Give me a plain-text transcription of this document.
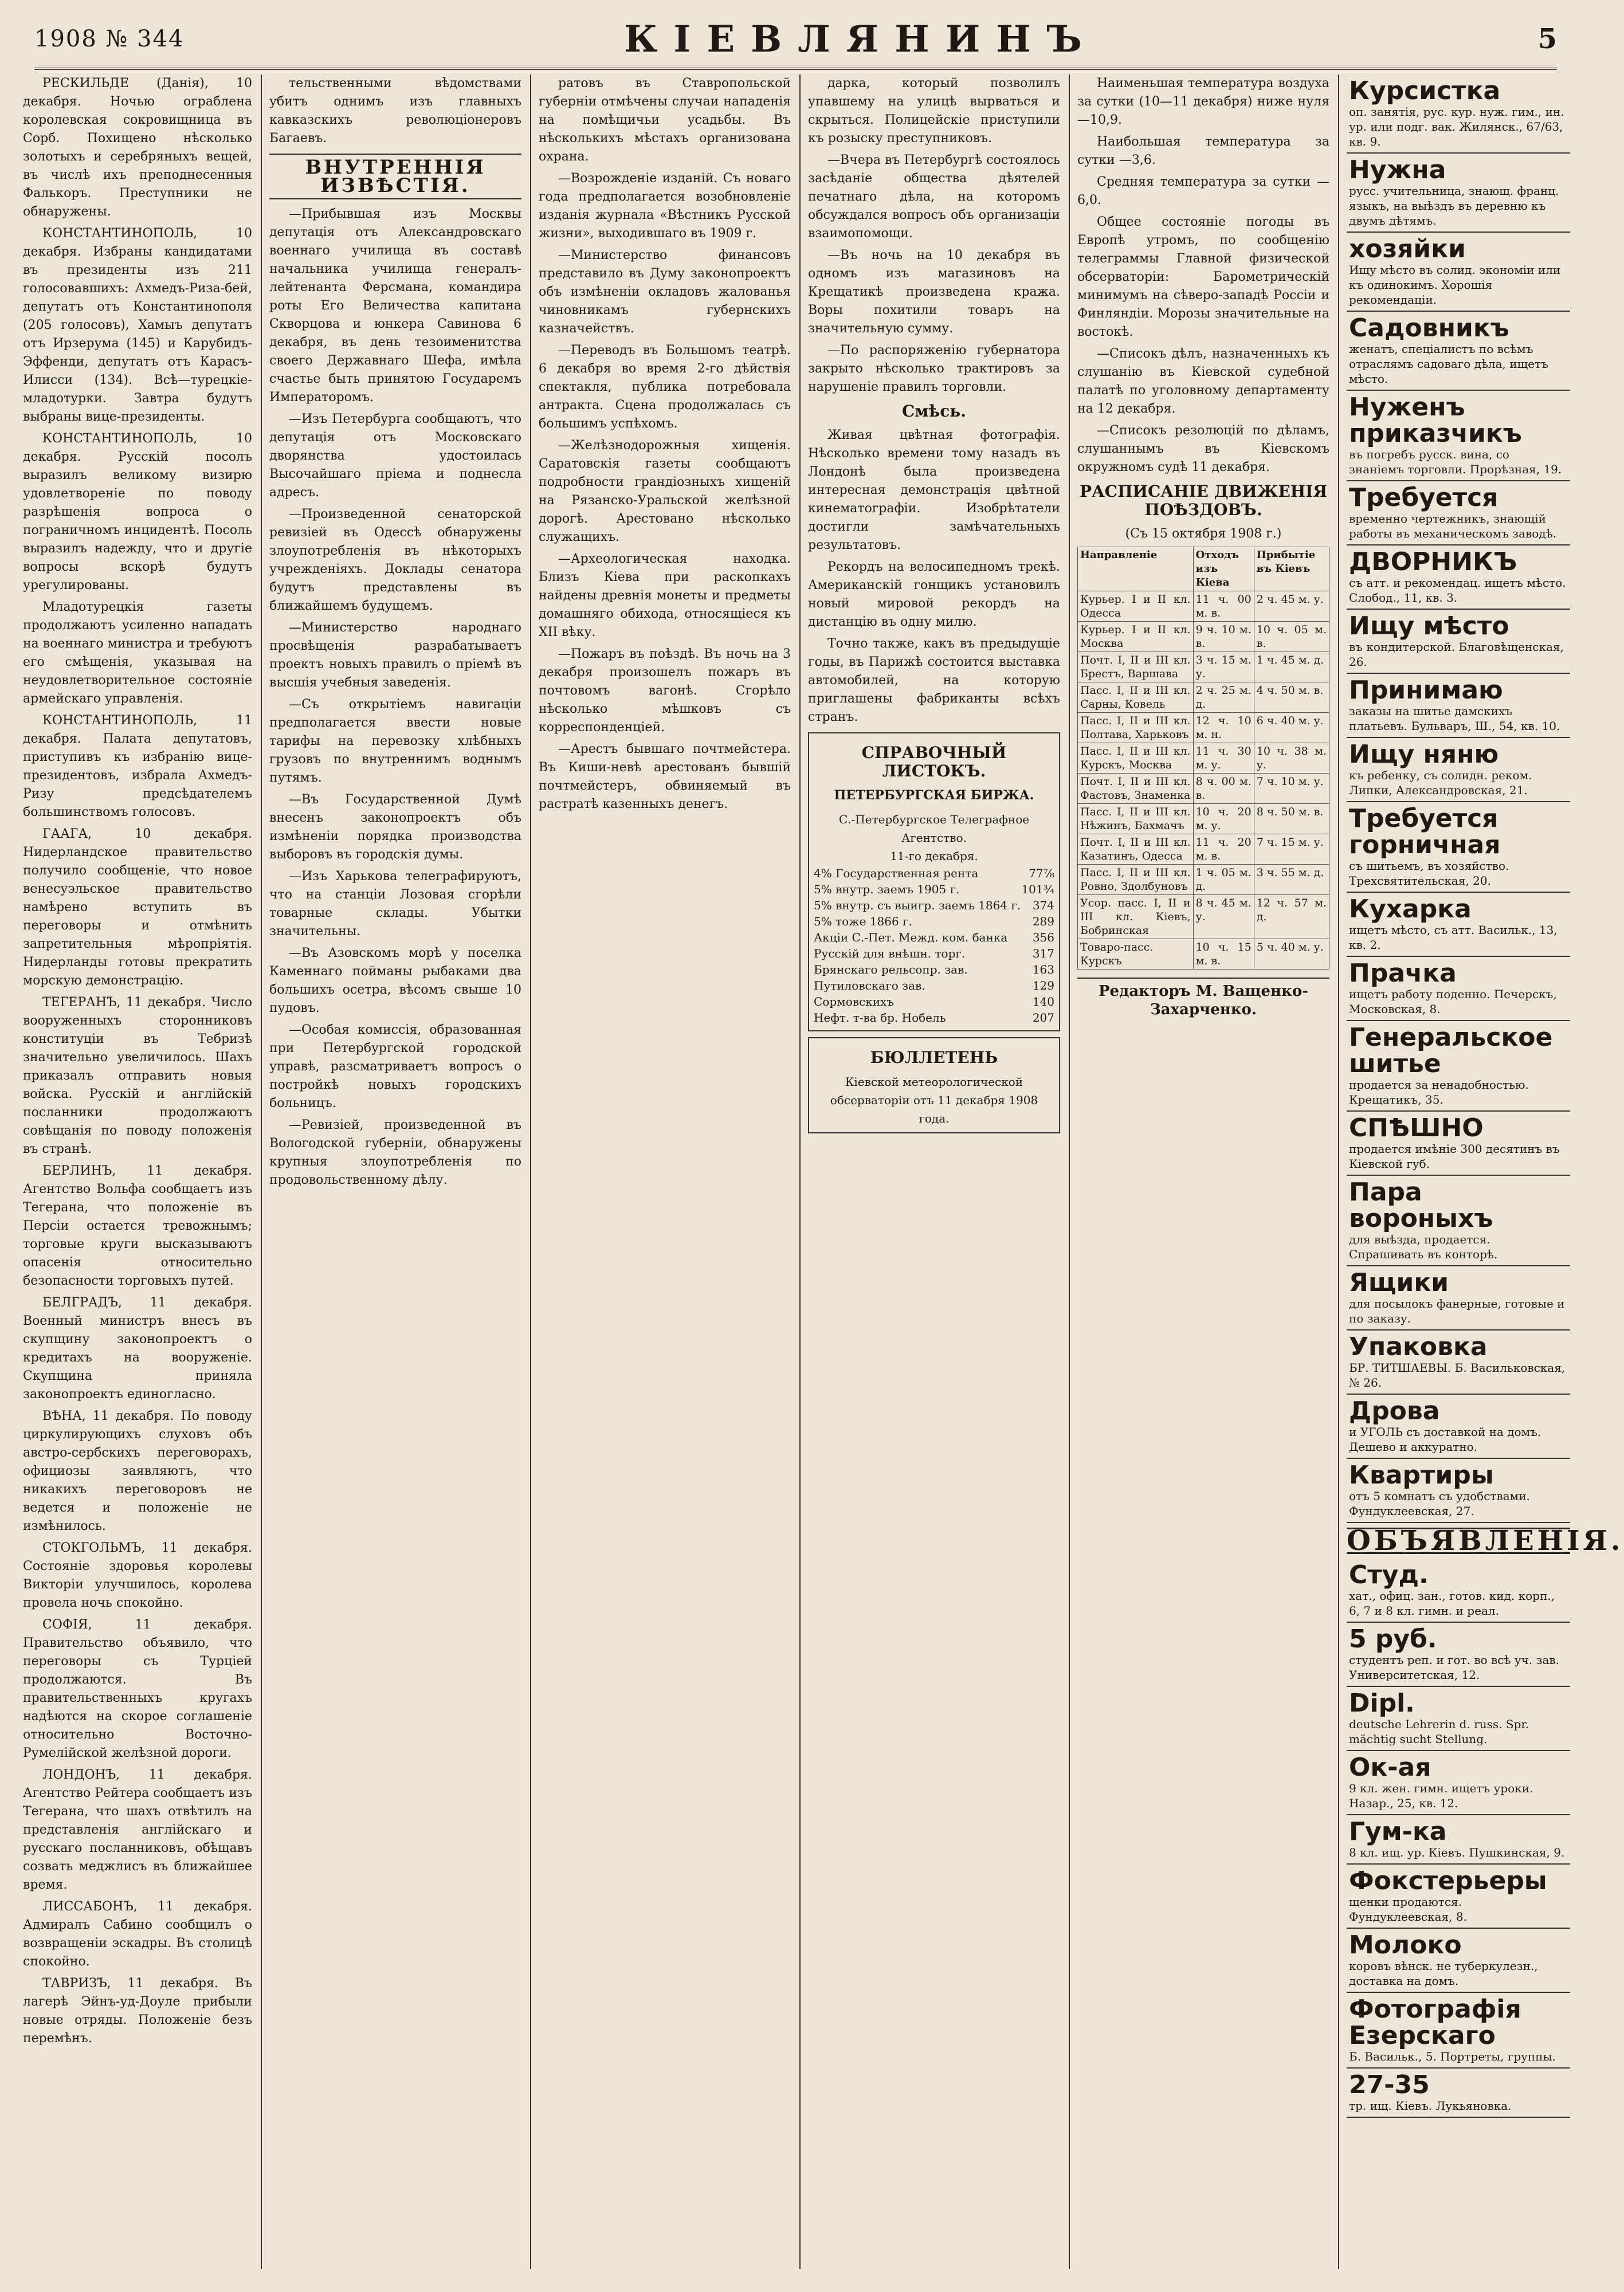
1908 № 344	КІЕВЛЯНИНЪ	5

РЕСКИЛЬДЕ (Данія), 10 декабря. Ночью ограблена королевская сокровищница въ Сорб. Похищено нѣсколько золотыхъ и серебряныхъ вещей, въ числѣ ихъ преподнесенныя Фалькоръ. Преступники не обнаружены.

КОНСТАНТИНОПОЛЬ, 10 декабря. Избраны кандидатами въ президенты изъ 211 голосовавшихъ: Ахмедъ-Риза-бей, депутатъ отъ Константинополя (205 голосовъ), Хамыъ депутатъ отъ Ирзерума (145) и Карубидъ-Эффенди, депутатъ отъ Карасъ-Илисси (134). Всѣ—турецкіе-младотурки. Завтра будутъ выбраны вице-президенты.

КОНСТАНТИНОПОЛЬ, 10 декабря. Русскій посолъ выразилъ великому визирю удовлетвореніе по поводу разрѣшенія вопроса о пограничномъ инцидентѣ. Посоль выразилъ надежду, что и другіе вопросы вскорѣ будутъ урегулированы.

Младотурецкія газеты продолжаютъ усиленно нападать на военнаго министра и требуютъ его смѣщенія, указывая на неудовлетворительное состояніе армейскаго управленія.

КОНСТАНТИНОПОЛЬ, 11 декабря. Палата депутатовъ, приступивъ къ избранію вице-президентовъ, избрала Ахмедъ-Ризу предсѣдателемъ большинствомъ голосовъ.

ГААГА, 10 декабря. Нидерландское правительство получило сообщеніе, что новое венесуэльское правительство намѣрено вступить въ переговоры и отмѣнить запретительныя мѣропріятія. Нидерланды готовы прекратить морскую демонстрацію.

ТЕГЕРАНЪ, 11 декабря. Число вооруженныхъ сторонниковъ конституціи въ Тебризѣ значительно увеличилось. Шахъ приказалъ отправить новыя войска. Русскій и англійскій посланники продолжаютъ совѣщанія по поводу положенія въ странѣ.

БЕРЛИНЪ, 11 декабря. Агентство Вольфа сообщаетъ изъ Тегерана, что положеніе въ Персіи остается тревожнымъ; торговые круги высказываютъ опасенія относительно безопасности торговыхъ путей.

БЕЛГРАДЪ, 11 декабря. Военный министръ внесъ въ скупщину законопроектъ о кредитахъ на вооруженіе. Скупщина приняла законопроектъ единогласно.

ВѢНА, 11 декабря. По поводу циркулирующихъ слуховъ объ австро-сербскихъ переговорахъ, официозы заявляютъ, что никакихъ переговоровъ не ведется и положеніе не измѣнилось.

СТОКГОЛЬМЪ, 11 декабря. Состояніе здоровья королевы Викторіи улучшилось, королева провела ночь спокойно.

СОФІЯ, 11 декабря. Правительство объявило, что переговоры съ Турціей продолжаются. Въ правительственныхъ кругахъ надѣются на скорое соглашеніе относительно Восточно-Румелійской желѣзной дороги.

ЛОНДОНЪ, 11 декабря. Агентство Рейтера сообщаетъ изъ Тегерана, что шахъ отвѣтилъ на представленія англійскаго и русскаго посланниковъ, обѣщавъ созвать меджлисъ въ ближайшее время.

ЛИССАБОНЪ, 11 декабря. Адмиралъ Сабино сообщилъ о возвращеніи эскадры. Въ столицѣ спокойно.

ТАВРИЗЪ, 11 декабря. Въ лагерѣ Эйнъ-уд-Доуле прибыли новые отряды. Положеніе безъ перемѣнъ.

тельственными вѣдомствами убитъ однимъ изъ главныхъ кавказскихъ революціонеровъ Багаевъ.

ВНУТРЕННІЯ ИЗВѢСТІЯ.

—Прибывшая изъ Москвы депутація отъ Александровскаго военнаго училища въ составѣ начальника училища генералъ-лейтенанта Ферсмана, командира роты Его Величества капитана Скворцова и юнкера Савинова 6 декабря, въ день тезоименитства своего Державнаго Шефа, имѣла счастье быть принятою Государемъ Императоромъ.

—Изъ Петербурга сообщаютъ, что депутація отъ Московскаго дворянства удостоилась Высочайшаго пріема и поднесла адресъ.

—Произведенной сенаторской ревизіей въ Одессѣ обнаружены злоупотребленія въ нѣкоторыхъ учрежденіяхъ. Доклады сенатора будутъ представлены въ ближайшемъ будущемъ.

—Министерство народнаго просвѣщенія разрабатываетъ проектъ новыхъ правилъ о пріемѣ въ высшія учебныя заведенія.

—Съ открытіемъ навигаціи предполагается ввести новые тарифы на перевозку хлѣбныхъ грузовъ по внутреннимъ воднымъ путямъ.

—Въ Государственной Думѣ внесенъ законопроектъ объ измѣненіи порядка производства выборовъ въ городскія думы.

—Изъ Харькова телеграфируютъ, что на станціи Лозовая сгорѣли товарные склады. Убытки значительны.

—Въ Азовскомъ морѣ у поселка Каменнаго пойманы рыбаками два большихъ осетра, вѣсомъ свыше 10 пудовъ.

—Особая комиссія, образованная при Петербургской городской управѣ, разсматриваетъ вопросъ о постройкѣ новыхъ городскихъ больницъ.

—Ревизіей, произведенной въ Вологодской губерніи, обнаружены крупныя злоупотребленія по продовольственному дѣлу.

ратовъ въ Ставропольской губерніи отмѣчены случаи нападенія на помѣщичьи усадьбы. Въ нѣсколькихъ мѣстахъ организована охрана.

—Возрожденіе изданій. Съ новаго года предполагается возобновленіе изданія журнала «Вѣстникъ Русской жизни», выходившаго въ 1909 г.

—Министерство финансовъ представило въ Думу законопроектъ объ измѣненіи окладовъ жалованья чиновникамъ губернскихъ казначействъ.

—Переводъ въ Большомъ театрѣ. 6 декабря во время 2-го дѣйствія спектакля, публика потребовала антракта. Сцена продолжалась съ большимъ успѣхомъ.

—Желѣзнодорожныя хищенія. Саратовскія газеты сообщаютъ подробности грандіозныхъ хищеній на Рязанско-Уральской желѣзной дорогѣ. Арестовано нѣсколько служащихъ.

—Археологическая находка. Близъ Кіева при раскопкахъ найдены древнія монеты и предметы домашняго обихода, относящіеся къ XII вѣку.

—Пожаръ въ поѣздѣ. Въ ночь на 3 декабря произошелъ пожаръ въ почтовомъ вагонѣ. Сгорѣло нѣсколько мѣшковъ съ корреспонденціей.

—Арестъ бывшаго почтмейстера. Въ Киши-невѣ арестованъ бывшій почтмейстеръ, обвиняемый въ растратѣ казенныхъ денегъ.

дарка, который позволилъ упавшему на улицѣ вырваться и скрыться. Полицейскіе приступили къ розыску преступниковъ.

—Вчера въ Петербургѣ состоялось засѣданіе общества дѣятелей печатнаго дѣла, на которомъ обсуждался вопросъ объ организаціи взаимопомощи.

—Въ ночь на 10 декабря въ одномъ изъ магазиновъ на Крещатикѣ произведена кража. Воры похитили товаръ на значительную сумму.

—По распоряженію губернатора закрыто нѣсколько трактировъ за нарушеніе правилъ торговли.

Смѣсь.

Живая цвѣтная фотографія. Нѣсколько времени тому назадъ въ Лондонѣ была произведена интересная демонстрація цвѣтной кинематографіи. Изобрѣтатели достигли замѣчательныхъ результатовъ.

Рекордъ на велосипедномъ трекѣ. Американскій гонщикъ установилъ новый мировой рекордъ на дистанцію въ одну милю.

Точно также, какъ въ предыдущіе годы, въ Парижѣ состоится выставка автомобилей, на которую приглашены фабриканты всѣхъ странъ.

СПРАВОЧНЫЙ ЛИСТОКЪ.
ПЕТЕРБУРГСКАЯ БИРЖА.
С.-Петербургское Телеграфное Агентство.
11-го декабря.
4% Государственная рента	77⅞
5% внутр. заемъ 1905 г.	101¾
5% внутр. съ выигр. заемъ 1864 г. 374
5% тоже 1866 г.	289
Акціи С.-Пет. Межд. ком. банка 356
Русскій для внѣшн. торг.	317
Брянскаго рельсопр. зав.	163
Путиловскаго зав.	129
Сормовскихъ	140
Нефт. т-ва бр. Нобель	207
БЮЛЛЕТЕНЬ
Кіевской метеорологической обсерваторіи отъ 11 декабря 1908 года.

Наименьшая температура воздуха за сутки (10—11 декабря) ниже нуля —10,9.

Наибольшая температура за сутки —3,6.

Средняя температура за сутки —6,0.

Общее состояніе погоды въ Европѣ утромъ, по сообщенію телеграммы Главной физической обсерваторіи: Барометрическій минимумъ на сѣверо-западѣ Россіи и Финляндіи. Морозы значительные на востокѣ.

—Списокъ дѣлъ, назначенныхъ къ слушанію въ Кіевской судебной палатѣ по уголовному департаменту на 12 декабря.

—Списокъ резолюцій по дѣламъ, слушаннымъ въ Кіевскомъ окружномъ судѣ 11 декабря.

РАСПИСАНІЕ ДВИЖЕНІЯ ПОѢЗДОВЪ.
(Съ 15 октября 1908 г.)
Направленіе	Отходъ изъ Кіева	Прибытіе въ Кіевъ
Курьер. I и II кл. Одесса	11 ч. 00 м. в.	2 ч. 45 м. у.
Курьер. I и II кл. Москва	9 ч. 10 м. в.	10 ч. 05 м. в.
Почт. I, II и III кл. Брестъ, Варшава	3 ч. 15 м. у.	1 ч. 45 м. д.
Пасс. I, II и III кл. Сарны, Ковель	2 ч. 25 м. д.	4 ч. 50 м. в.
Пасс. I, II и III кл. Полтава, Харьковъ	12 ч. 10 м. н.	6 ч. 40 м. у.
Пасс. I, II и III кл. Курскъ, Москва	11 ч. 30 м. у.	10 ч. 38 м. у.
Почт. I, II и III кл. Фастовъ, Знаменка	8 ч. 00 м. в.	7 ч. 10 м. у.
Пасс. I, II и III кл. Нѣжинъ, Бахмачъ	10 ч. 20 м. у.	8 ч. 50 м. в.
Почт. I, II и III кл. Казатинъ, Одесса	11 ч. 20 м. в.	7 ч. 15 м. у.
Пасс. I, II и III кл. Ровно, Здолбуновъ	1 ч. 05 м. д.	3 ч. 55 м. д.
Усор. пасс. I, II и III кл. Кіевъ, Бобринская	8 ч. 45 м. у.	12 ч. 57 м. д.
Товаро-пасс. Курскъ	10 ч. 15 м. в.	5 ч. 40 м. у.
Редакторъ М. Ващенко-Захарченко.
Курсистка
оп. занятія, рус. кур. нуж. гим., ин. ур. или подг. вак. Жилянск., 67/63, кв. 9.
Нужна
русс. учительница, знающ. франц. языкъ, на выѣздъ въ деревню къ двумъ дѣтямъ.
хозяйки
Ищу мѣсто въ солид. экономіи или къ одинокимъ. Хорошія рекомендаціи.
Садовникъ
женатъ, спеціалистъ по всѣмъ отраслямъ садоваго дѣла, ищетъ мѣсто.
Нуженъ приказчикъ
въ погребъ русск. вина, со знаніемъ торговли. Прорѣзная, 19.
Требуется
временно чертежникъ, знающій работы въ механическомъ заводѣ.
ДВОРНИКЪ
съ атт. и рекомендац. ищетъ мѣсто. Слобод., 11, кв. 3.
Ищу мѣсто
въ кондитерской. Благовѣщенская, 26.
Принимаю
заказы на шитье дамскихъ платьевъ. Бульваръ, Ш., 54, кв. 10.
Ищу няню
къ ребенку, съ солидн. реком. Липки, Александровская, 21.
Требуется горничная
съ шитьемъ, въ хозяйство. Трехсвятительская, 20.
Кухарка
ищетъ мѣсто, съ атт. Васильк., 13, кв. 2.
Прачка
ищетъ работу поденно. Печерскъ, Московская, 8.
Генеральское шитье
продается за ненадобностью. Крещатикъ, 35.
СПѢШНО
продается имѣніе 300 десятинъ въ Кіевской губ.
Пара вороныхъ
для выѣзда, продается. Спрашивать въ конторѣ.
Ящики
для посылокъ фанерные, готовые и по заказу.
Упаковка
БР. ТИТШАЕВЫ. Б. Васильковская, № 26.
Дрова
и УГОЛЬ съ доставкой на домъ. Дешево и аккуратно.
Квартиры
отъ 5 комнатъ съ удобствами. Фундуклеевская, 27.
ОБЪЯВЛЕНІЯ.
Студ.
хат., офиц. зан., готов. кид. корп., 6, 7 и 8 кл. гимн. и реал.
5 руб.
студентъ реп. и гот. во всѣ уч. зав. Университетская, 12.
Dipl.
deutsche Lehrerin d. russ. Spr. mächtig sucht Stellung.
Ок-ая
9 кл. жен. гимн. ищетъ уроки. Назар., 25, кв. 12.
Гум-ка
8 кл. ищ. ур. Кіевъ. Пушкинская, 9.
Фокстерьеры
щенки продаются. Фундуклеевская, 8.
Молоко
коровъ вѣнск. не туберкулезн., доставка на домъ.
Фотографія Езерскаго
Б. Васильк., 5. Портреты, группы.
27-35
тр. ищ. Кіевъ. Лукьяновка.
